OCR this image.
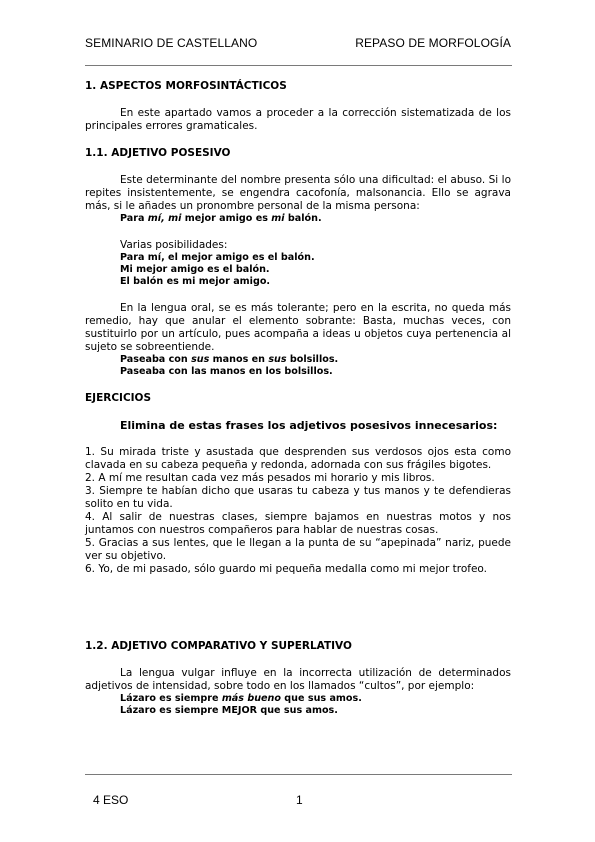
SEMINARIO DE CASTELLANO	REPASO DE MORFOLOGÍA

1. ASPECTOS MORFOSINTÁCTICOS

En este apartado vamos a proceder a la corrección sistematizada de los principales errores gramaticales.

1.1. ADJETIVO POSESIVO

Este determinante del nombre presenta sólo una dificultad: el abuso. Si lo repites insistentemente, se engendra cacofonía, malsonancia. Ello se agrava más, si le añades un pronombre personal de la misma persona:

Para mí, mi mejor amigo es mi balón.

Varias posibilidades:

Para mí, el mejor amigo es el balón.

Mi mejor amigo es el balón.

El balón es mi mejor amigo.

En la lengua oral, se es más tolerante; pero en la escrita, no queda más remedio, hay que anular el elemento sobrante: Basta, muchas veces, con sustituirlo por un artículo, pues acompaña a ideas u objetos cuya pertenencia al sujeto se sobreentiende.

Paseaba con sus manos en sus bolsillos.

Paseaba con las manos en los bolsillos.

EJERCICIOS

Elimina de estas frases los adjetivos posesivos innecesarios:

1. Su mirada triste y asustada que desprenden sus verdosos ojos esta como clavada en su cabeza pequeña y redonda, adornada con sus frágiles bigotes.

2. A mí me resultan cada vez más pesados mi horario y mis libros.

3. Siempre te habían dicho que usaras tu cabeza y tus manos y te defendieras solito en tu vida.

4. Al salir de nuestras clases, siempre bajamos en nuestras motos y nos juntamos con nuestros compañeros para hablar de nuestras cosas.

5. Gracias a sus lentes, que le llegan a la punta de su “apepinada” nariz, puede ver su objetivo.

6. Yo, de mi pasado, sólo guardo mi pequeña medalla como mi mejor trofeo.

1.2. ADJETIVO COMPARATIVO Y SUPERLATIVO

La lengua vulgar influye en la incorrecta utilización de determinados adjetivos de intensidad, sobre todo en los llamados “cultos”, por ejemplo:

Lázaro es siempre más bueno que sus amos.

Lázaro es siempre MEJOR que sus amos.

4 ESO	1
